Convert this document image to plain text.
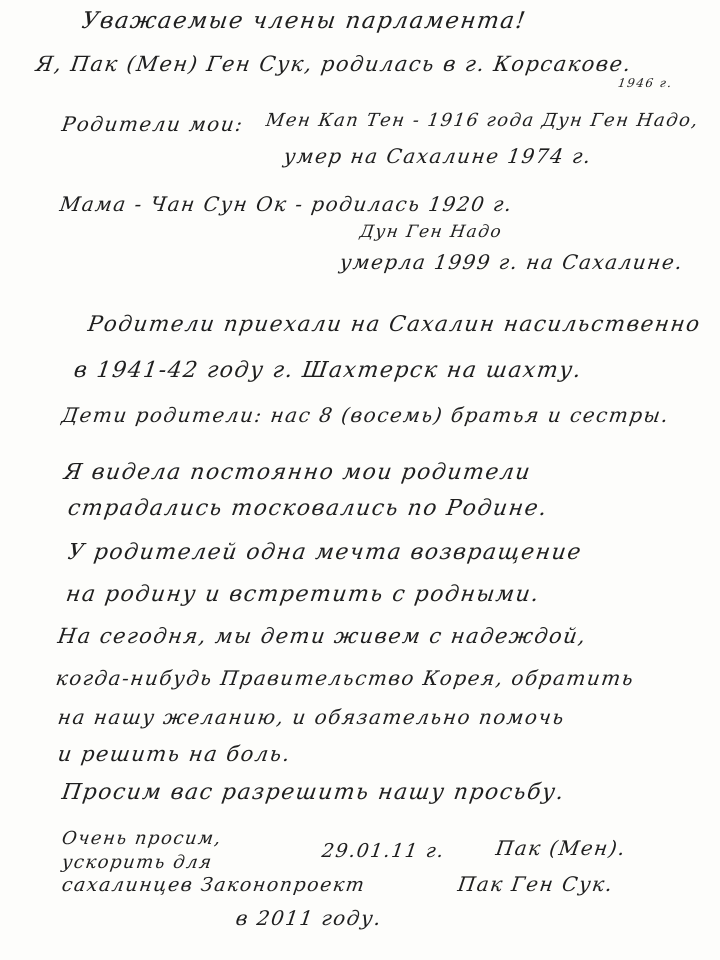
Уважаемые члены парламента!
Я, Пак (Мен) Ген Сук, родилась в г. Корсакове.
1946 г.
Родители мои: Мен Кап Тен - 1916 года Дун Ген Надо,
умер на Сахалине 1974 г.
Мама - Чан Сун Ок - родилась 1920 г.
Дун Ген Надо
умерла 1999 г. на Сахалине.
Родители приехали на Сахалин насильственно
в 1941-42 году г. Шахтерск на шахту.
Дети родители: нас 8 (восемь) братья и сестры.
Я видела постоянно мои родители
страдались тосковались по Родине.
У родителей одна мечта возвращение
на родину и встретить с родными.
На сегодня, мы дети живем с надеждой,
когда-нибудь Правительство Корея, обратить
на нашу желанию, и обязательно помочь
и решить на боль.
Просим вас разрешить нашу просьбу.
Очень просим,
ускорить для
29.01.11 г. Пак (Мен).
сахалинцев Законопроект	Пак Ген Сук.
в 2011 году.
